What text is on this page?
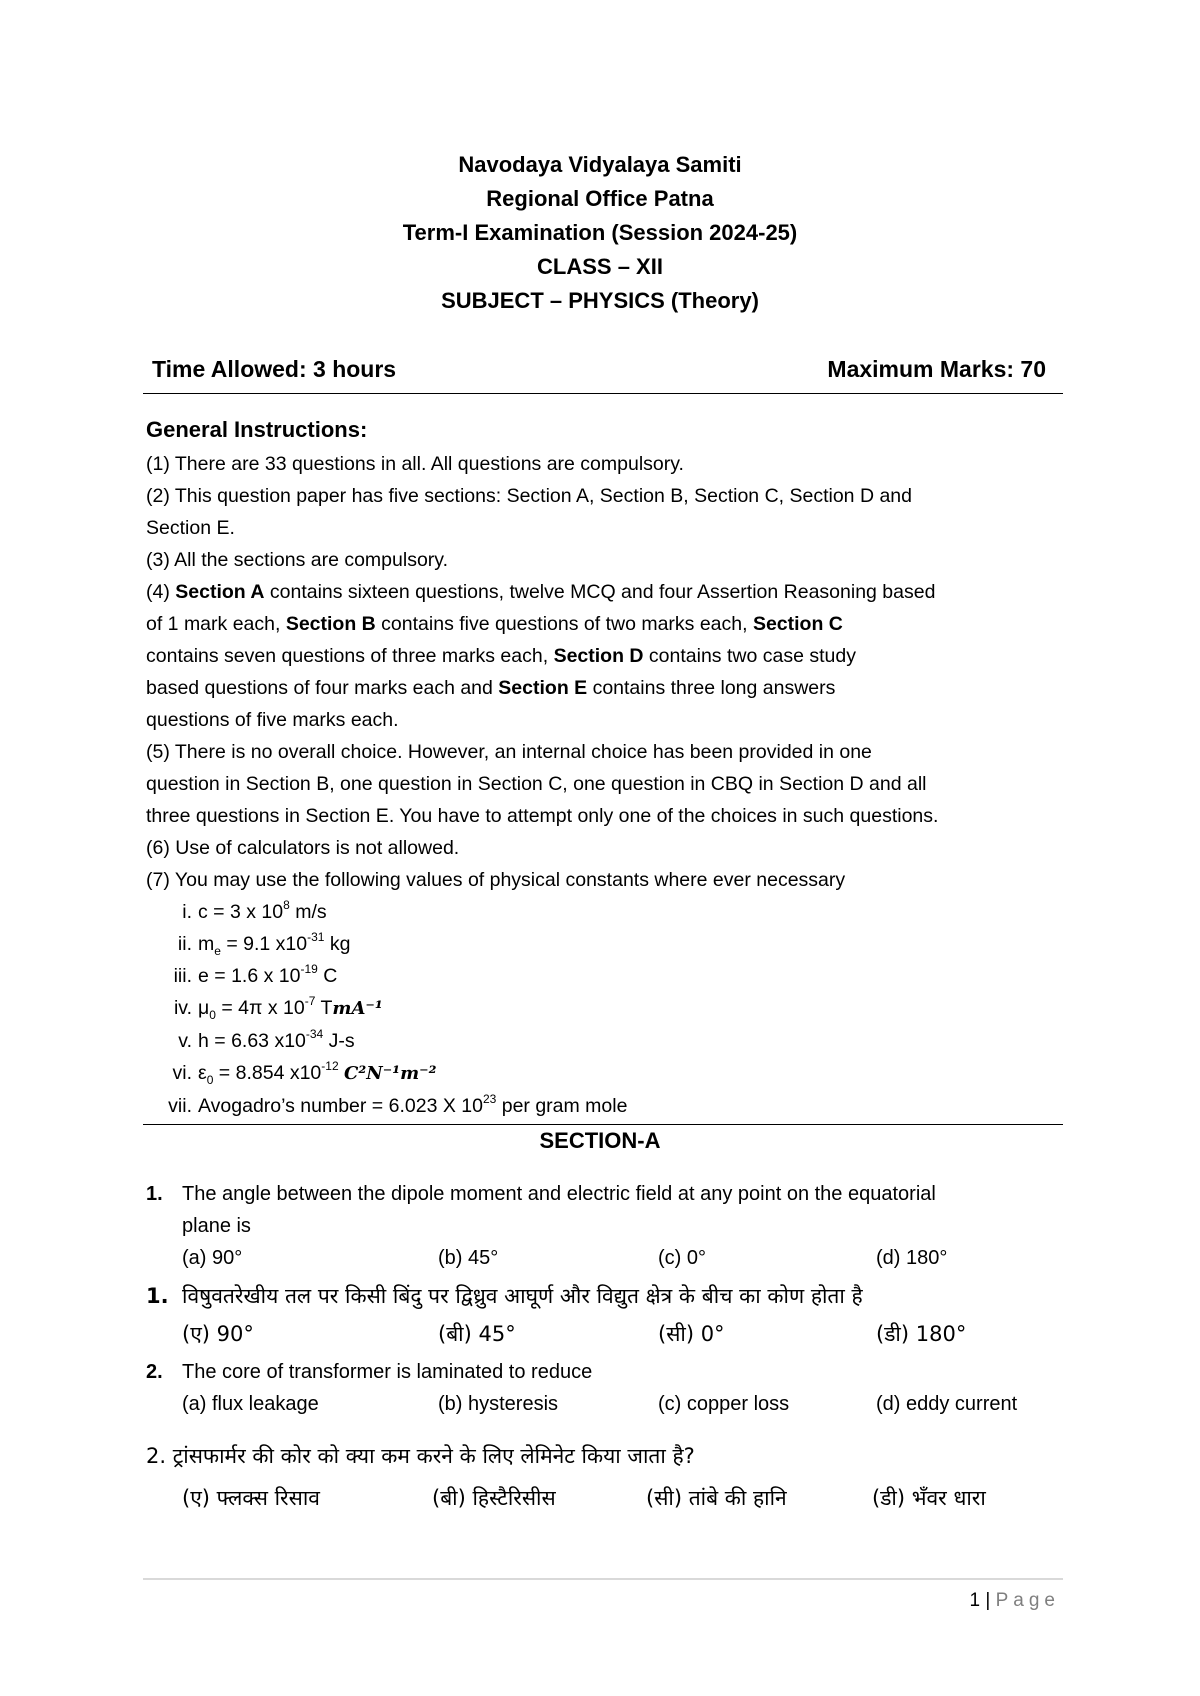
Navodaya Vidyalaya Samiti
Regional Office Patna
Term-I Examination (Session 2024-25)
CLASS – XII
SUBJECT – PHYSICS (Theory)
Time Allowed: 3 hours	Maximum Marks: 70
General Instructions:

(1) There are 33 questions in all. All questions are compulsory.

(2) This question paper has five sections: Section A, Section B, Section C, Section D and

Section E.

(3) All the sections are compulsory.

(4) Section A contains sixteen questions, twelve MCQ and four Assertion Reasoning based

of 1 mark each, Section B contains five questions of two marks each, Section C

contains seven questions of three marks each, Section D contains two case study

based questions of four marks each and Section E contains three long answers

questions of five marks each.

(5) There is no overall choice. However, an internal choice has been provided in one

question in Section B, one question in Section C, one question in CBQ in Section D and all

three questions in Section E. You have to attempt only one of the choices in such questions.

(6) Use of calculators is not allowed.

(7) You may use the following values of physical constants where ever necessary

i. c = 3 x $10^8$ m/s
ii. $m_e = 9.1$ $x10^{-31}$ kg
iii. e = 1.6 x $10^{-19}$ C
iv. $\mu_0 = 4\pi$ x $10^{-7}$ TmA⁻¹
v. h = 6.63 $x10^{-34}$ J-s
vi. $\varepsilon_0 = 8.854$ $x10^{-12}$ C²N⁻¹m⁻²
vii. Avogadro’s number = 6.023 X $10^{23}$ per gram mole
SECTION-A
1. The angle between the dipole moment and electric field at any point on the equatorial
plane is
(a) 90°	(b) 45°	(c) 0°	(d) 180°
1. विषुवतरेखीय तल पर किसी बिंदु पर द्विध्रुव आघूर्ण और विद्युत क्षेत्र के बीच का कोण होता है
(ए) 90°	(बी) 45°	(सी) 0°	(डी) 180°
2. The core of transformer is laminated to reduce
(a) flux leakage	(b) hysteresis	(c) copper loss	(d) eddy current
2. ट्रांसफार्मर की कोर को क्या कम करने के लिए लेमिनेट किया जाता है?
(ए) फ्लक्स रिसाव	(बी) हिस्टैरिसीस	(सी) तांबे की हानि	(डी) भँवर धारा
1 | Page
